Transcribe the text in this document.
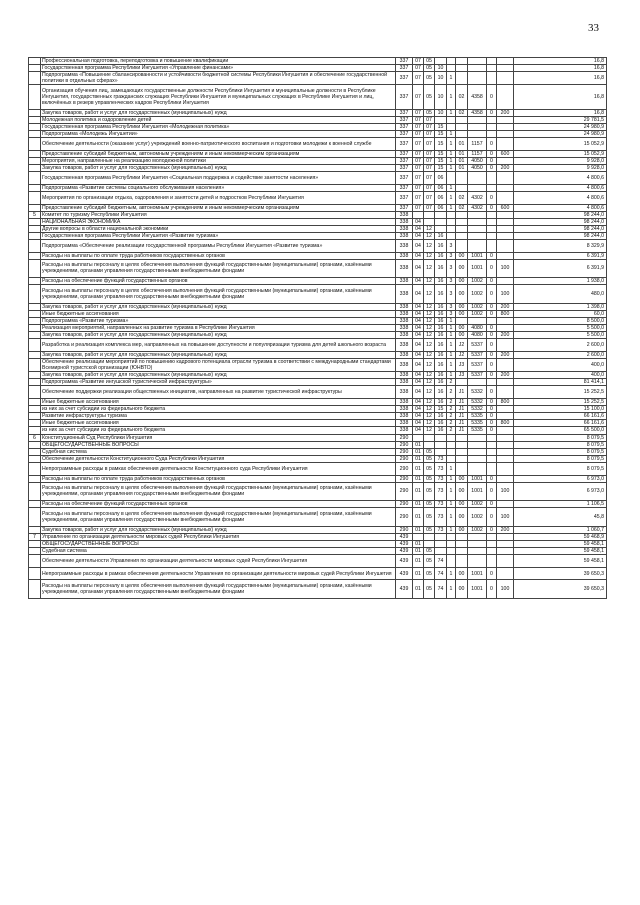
33
	Профессиональная подготовка, переподготовка и повышение квалификации	337	07	05							16,8
	Государственная программа Республики Ингушетия «Управление финансами»	337	07	05	10						16,8
	Подпрограмма «Повышение сбалансированности и устойчивости бюджетной системы Республики Ингушетия и обеспечение государственной политики в отдельных сферах»	337	07	05	10	1					16,8
	Организация обучения лиц, замещающих государственные должности Республики Ингушетия и муниципальные должности в Республике Ингушетия, государственных гражданских служащих Республики Ингушетия и муниципальных служащих в Республике Ингушетия и лиц, включённых в резерв управленческих кадров Республики Ингушетия	337	07	05	10	1	02	4358	0		16,8
	Закупка товаров, работ и услуг для государственных (муниципальных) нужд	337	07	05	10	1	02	4358	0	200	16,8
	Молодежная политика и оздоровление детей	337	07	07							29 781,5
	Государственная программа Республики Ингушетия «Молодежная политика»	337	07	07	15						24 980,9
	Подпрограмма «Молодежь Ингушетии»	337	07	07	15	1					24 980,9
	Обеспечение деятельности (оказание услуг) учреждений военно-патриотического воспитания и подготовки молодежи к военной службе	337	07	07	15	1	01	1157	0		15 052,9
	Предоставление субсидий бюджетным, автономным учреждениям и иным некоммерческим организациям	337	07	07	15	1	01	1157	0	600	15 052,9
	Мероприятия, направленные на реализацию молодежной политики	337	07	07	15	1	01	4050	0		9 928,0
	Закупка товаров, работ и услуг для государственных (муниципальных) нужд	337	07	07	15	1	01	4050	0	200	9 928,0
	Государственная программа Республики Ингушетия «Социальная поддержка и содействие занятости населения»	337	07	07	06						4 800,6
	Подпрограмма «Развитие системы социального обслуживания населения»	337	07	07	06	1					4 800,6
	Мероприятия по организации отдыха, оздоровления и занятости детей и подростков Республики Ингушетия	337	07	07	06	1	02	4302	0		4 800,6
	Предоставление субсидий бюджетным, автономным учреждениям и иным некоммерческим организациям	337	07	07	06	1	02	4302	0	600	4 800,6
5	Комитет по туризму Республики Ингушетия	338									98 244,0
	НАЦИОНАЛЬНАЯ ЭКОНОМИКА	338	04								98 244,0
	Другие вопросы в области национальной экономики	338	04	12							98 244,0
	Государственная программа Республики Ингушетия «Развитие туризма»	338	04	12	16						98 244,0
	Подпрограмма «Обеспечение реализации государственной программы Республики Ингушетия «Развитие туризма»	338	04	12	16	3					8 329,9
	Расходы на выплаты по оплате труда работников государственных органов	338	04	12	16	3	00	1001	0		6 391,9
	Расходы на выплаты персоналу в целях обеспечения выполнения функций государственными (муниципальными) органами, казёнными учреждениями, органами управления государственными внебюджетными фондами	338	04	12	16	3	00	1001	0	100	6 391,9
	Расходы на обеспечение функций государственных органов	338	04	12	16	3	00	1002	0		1 938,0
	Расходы на выплаты персоналу в целях обеспечения выполнения функций государственными (муниципальными) органами, казёнными учреждениями, органами управления государственными внебюджетными фондами	338	04	12	16	3	00	1002	0	100	480,0
	Закупка товаров, работ и услуг для государственных (муниципальных) нужд	338	04	12	16	3	00	1002	0	200	1 398,0
	Иные бюджетные ассигнования	338	04	12	16	3	00	1002	0	800	60,0
	Подпрограмма «Развитие туризма»	338	04	12	16	1					8 500,0
	Реализация мероприятий, направленных на развитие туризма в Республике Ингушетия	338	04	12	16	1	00	4080	0		5 500,0
	Закупка товаров, работ и услуг для государственных (муниципальных) нужд	338	04	12	16	1	00	4080	0	200	5 500,0
	Разработка и реализация комплекса мер, направленных на повышение доступности и популяризации туризма для детей школьного возраста	338	04	12	16	1	J2	5337	0		2 600,0
	Закупка товаров, работ и услуг для государственных (муниципальных) нужд	338	04	12	16	1	J2	5337	0	200	2 600,0
	Обеспечение реализации мероприятий по повышению кадрового потенциала отрасли туризма в соответствии с международными стандартами Всемирной туристской организации (ЮНВТО)	338	04	12	16	1	J3	5337	0		400,0
	Закупка товаров, работ и услуг для государственных (муниципальных) нужд	338	04	12	16	1	J3	5337	0	200	400,0
	Подпрограмма «Развитие ингушской туристической инфраструктуры»	338	04	12	16	2					81 414,1
	Обеспечение поддержки реализации общественных инициатив, направленных на развитие туристической инфраструктуры	338	04	12	16	2	J1	5332	0		15 252,5
	Иные бюджетные ассигнования	338	04	12	16	2	J1	5332	0	800	15 252,5
	из них за счет субсидии из федерального бюджета	338	04	12	15	2	J1	5332	0		15 100,0
	Развитие инфраструктуры туризма	338	04	12	16	2	J1	5335	0		66 161,6
	Иные бюджетные ассигнования	338	04	12	16	2	J1	5335	0	800	66 161,6
	из них за счет субсидии из федерального бюджета	338	04	12	16	2	J1	5335	0		65 500,0
6	Конституционный Суд Республики Ингушетия	290									8 079,5
	ОБЩЕГОСУДАРСТВЕННЫЕ ВОПРОСЫ	290	01								8 079,5
	Судебная система	290	01	05							8 079,5
	Обеспечение деятельности Конституционного Суда Республики Ингушетия	290	01	05	73						8 079,5
	Непрограммные расходы в рамках обеспечения деятельности Конституционного суда Республики Ингушетия	290	01	05	73	1					8 079,5
	Расходы на выплаты по оплате труда работников государственных органов	290	01	05	73	1	00	1001	0		6 973,0
	Расходы на выплаты персоналу в целях обеспечения выполнения функций государственными (муниципальными) органами, казёнными учреждениями, органами управления государственными внебюджетными фондами	290	01	05	73	1	00	1001	0	100	6 973,0
	Расходы на обеспечение функций государственных органов	290	01	05	73	1	00	1002	0		1 106,5
	Расходы на выплаты персоналу в целях обеспечения выполнения функций государственными (муниципальными) органами, казёнными учреждениями, органами управления государственными внебюджетными фондами	290	01	05	73	1	00	1002	0	100	45,8
	Закупка товаров, работ и услуг для государственных (муниципальных) нужд	290	01	05	73	1	00	1002	0	200	1 060,7
7	Управление по организации деятельности мировых судей Республики Ингушетия	439									59 468,9
	ОБЩЕГОСУДАРСТВЕННЫЕ ВОПРОСЫ	439	01								59 458,1
	Судебная система	439	01	05							59 458,1
	Обеспечение деятельности Управления по организации деятельности мировых судей Республики Ингушетия	439	01	05	74						59 458,1
	Непрограммные расходы в рамках обеспечения деятельности Управления по организации деятельности мировых судей Республики Ингушетия	439	01	05	74	1	00	1001	0		39 650,3
	Расходы на выплаты персоналу в целях обеспечения выполнения функций государственными (муниципальными) органами, казёнными учреждениями, органами управления государственными внебюджетными фондами	439	01	05	74	1	00	1001	0	100	39 650,3
